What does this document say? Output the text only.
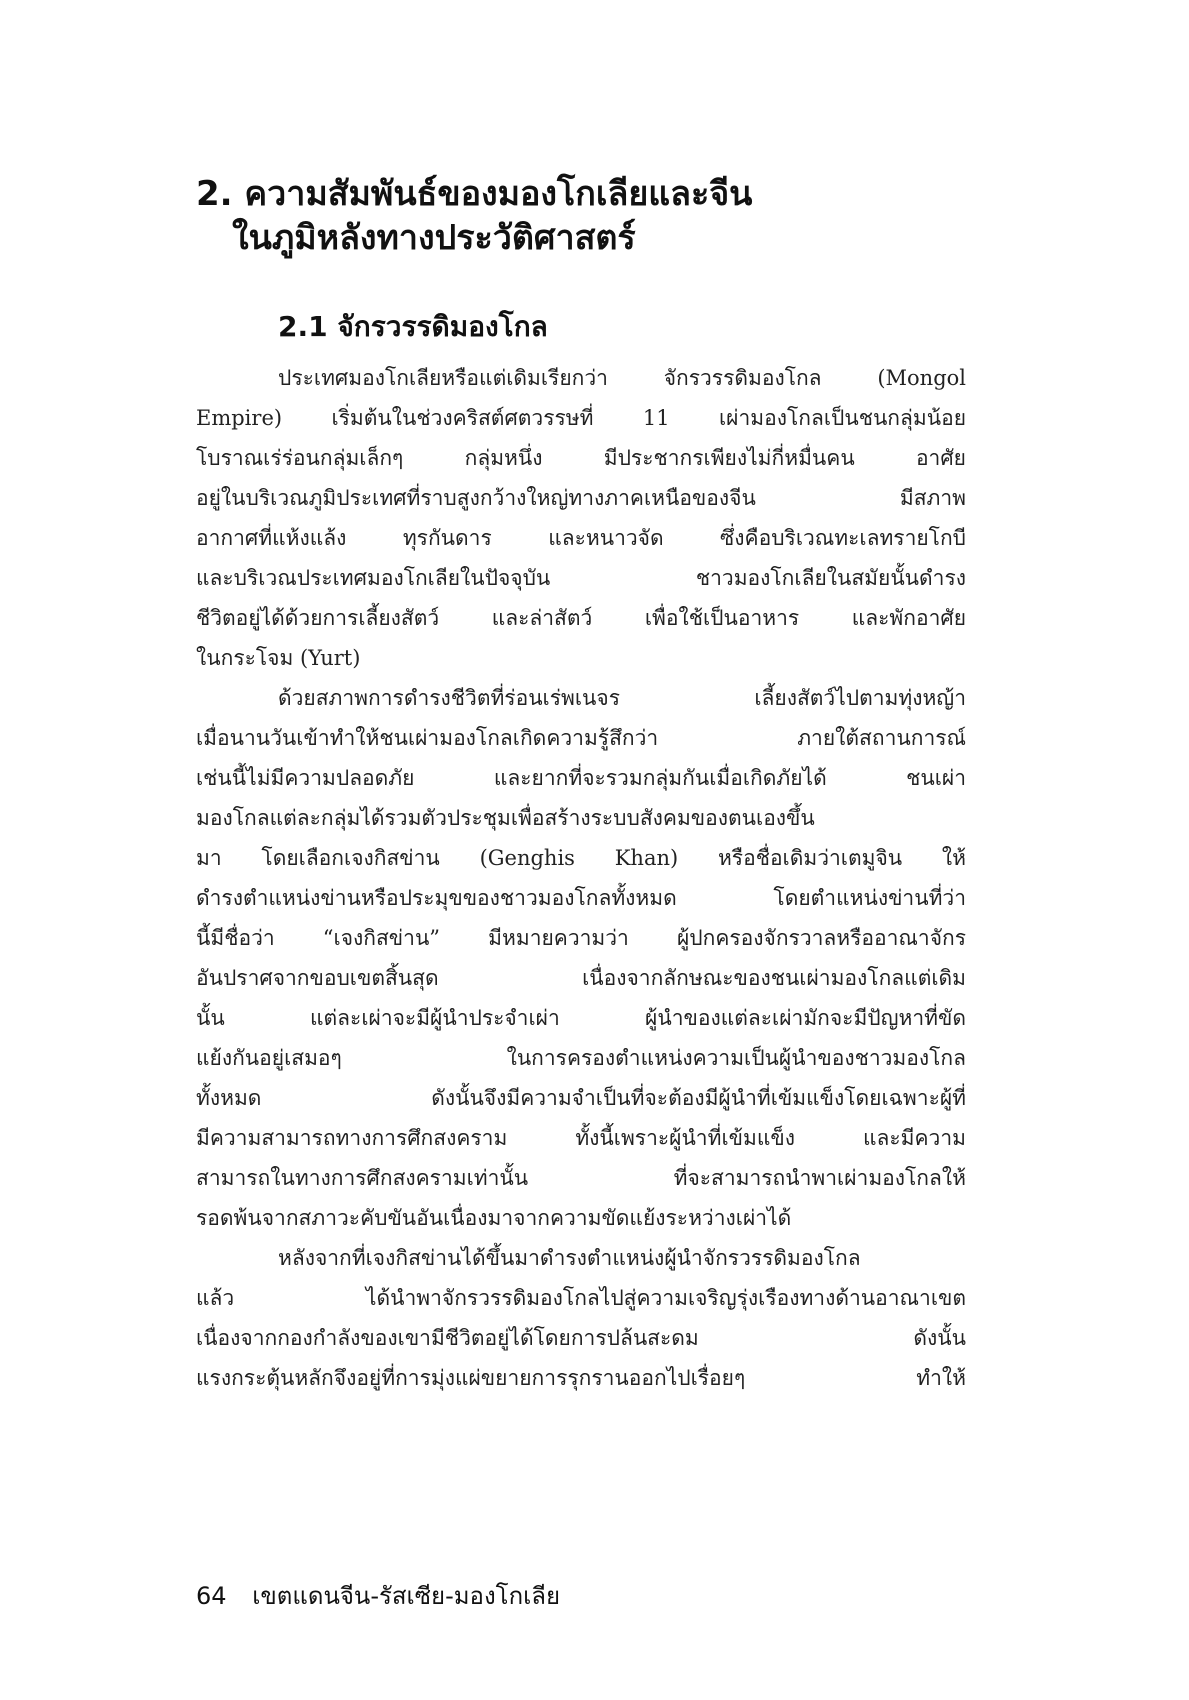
2. ความสัมพันธ์ของมองโกเลียและจีน
ในภูมิหลังทางประวัติศาสตร์
2.1 จักรวรรดิมองโกล
ประเทศมองโกเลียหรือแต่เดิมเรียกว่า จักรวรรดิมองโกล (Mongol
Empire) เริ่มต้นในช่วงคริสต์ศตวรรษที่ 11 เผ่ามองโกลเป็นชนกลุ่มน้อย
โบราณเร่ร่อนกลุ่มเล็กๆ กลุ่มหนึ่ง มีประชากรเพียงไม่กี่หมื่นคน อาศัย
อยู่ในบริเวณภูมิประเทศที่ราบสูงกว้างใหญ่ทางภาคเหนือของจีน มีสภาพ
อากาศที่แห้งแล้ง ทุรกันดาร และหนาวจัด ซึ่งคือบริเวณทะเลทรายโกบี
และบริเวณประเทศมองโกเลียในปัจจุบัน ชาวมองโกเลียในสมัยนั้นดำรง
ชีวิตอยู่ได้ด้วยการเลี้ยงสัตว์ และล่าสัตว์ เพื่อใช้เป็นอาหาร และพักอาศัย
ในกระโจม (Yurt)
ด้วยสภาพการดำรงชีวิตที่ร่อนเร่พเนจร เลี้ยงสัตว์ไปตามทุ่งหญ้า
เมื่อนานวันเข้าทำให้ชนเผ่ามองโกลเกิดความรู้สึกว่า ภายใต้สถานการณ์
เช่นนี้ไม่มีความปลอดภัย และยากที่จะรวมกลุ่มกันเมื่อเกิดภัยได้ ชนเผ่า
มองโกลแต่ละกลุ่มได้รวมตัวประชุมเพื่อสร้างระบบสังคมของตนเองขึ้น
มา โดยเลือกเจงกิสข่าน (Genghis Khan) หรือชื่อเดิมว่าเตมูจิน ให้
ดำรงตำแหน่งข่านหรือประมุขของชาวมองโกลทั้งหมด โดยตำแหน่งข่านที่ว่า
นี้มีชื่อว่า “เจงกิสข่าน” มีหมายความว่า ผู้ปกครองจักรวาลหรืออาณาจักร
อันปราศจากขอบเขตสิ้นสุด เนื่องจากลักษณะของชนเผ่ามองโกลแต่เดิม
นั้น แต่ละเผ่าจะมีผู้นำประจำเผ่า ผู้นำของแต่ละเผ่ามักจะมีปัญหาที่ขัด
แย้งกันอยู่เสมอๆ ในการครองตำแหน่งความเป็นผู้นำของชาวมองโกล
ทั้งหมด ดังนั้นจึงมีความจำเป็นที่จะต้องมีผู้นำที่เข้มแข็งโดยเฉพาะผู้ที่
มีความสามารถทางการศึกสงคราม ทั้งนี้เพราะผู้นำที่เข้มแข็ง และมีความ
สามารถในทางการศึกสงครามเท่านั้น ที่จะสามารถนำพาเผ่ามองโกลให้
รอดพ้นจากสภาวะคับขันอันเนื่องมาจากความขัดแย้งระหว่างเผ่าได้
หลังจากที่เจงกิสข่านได้ขึ้นมาดำรงตำแหน่งผู้นำจักรวรรดิมองโกล
แล้ว ได้นำพาจักรวรรดิมองโกลไปสู่ความเจริญรุ่งเรืองทางด้านอาณาเขต
เนื่องจากกองกำลังของเขามีชีวิตอยู่ได้โดยการปล้นสะดม ดังนั้น
แรงกระตุ้นหลักจึงอยู่ที่การมุ่งแผ่ขยายการรุกรานออกไปเรื่อยๆ ทำให้
64 เขตแดนจีน-รัสเซีย-มองโกเลีย
